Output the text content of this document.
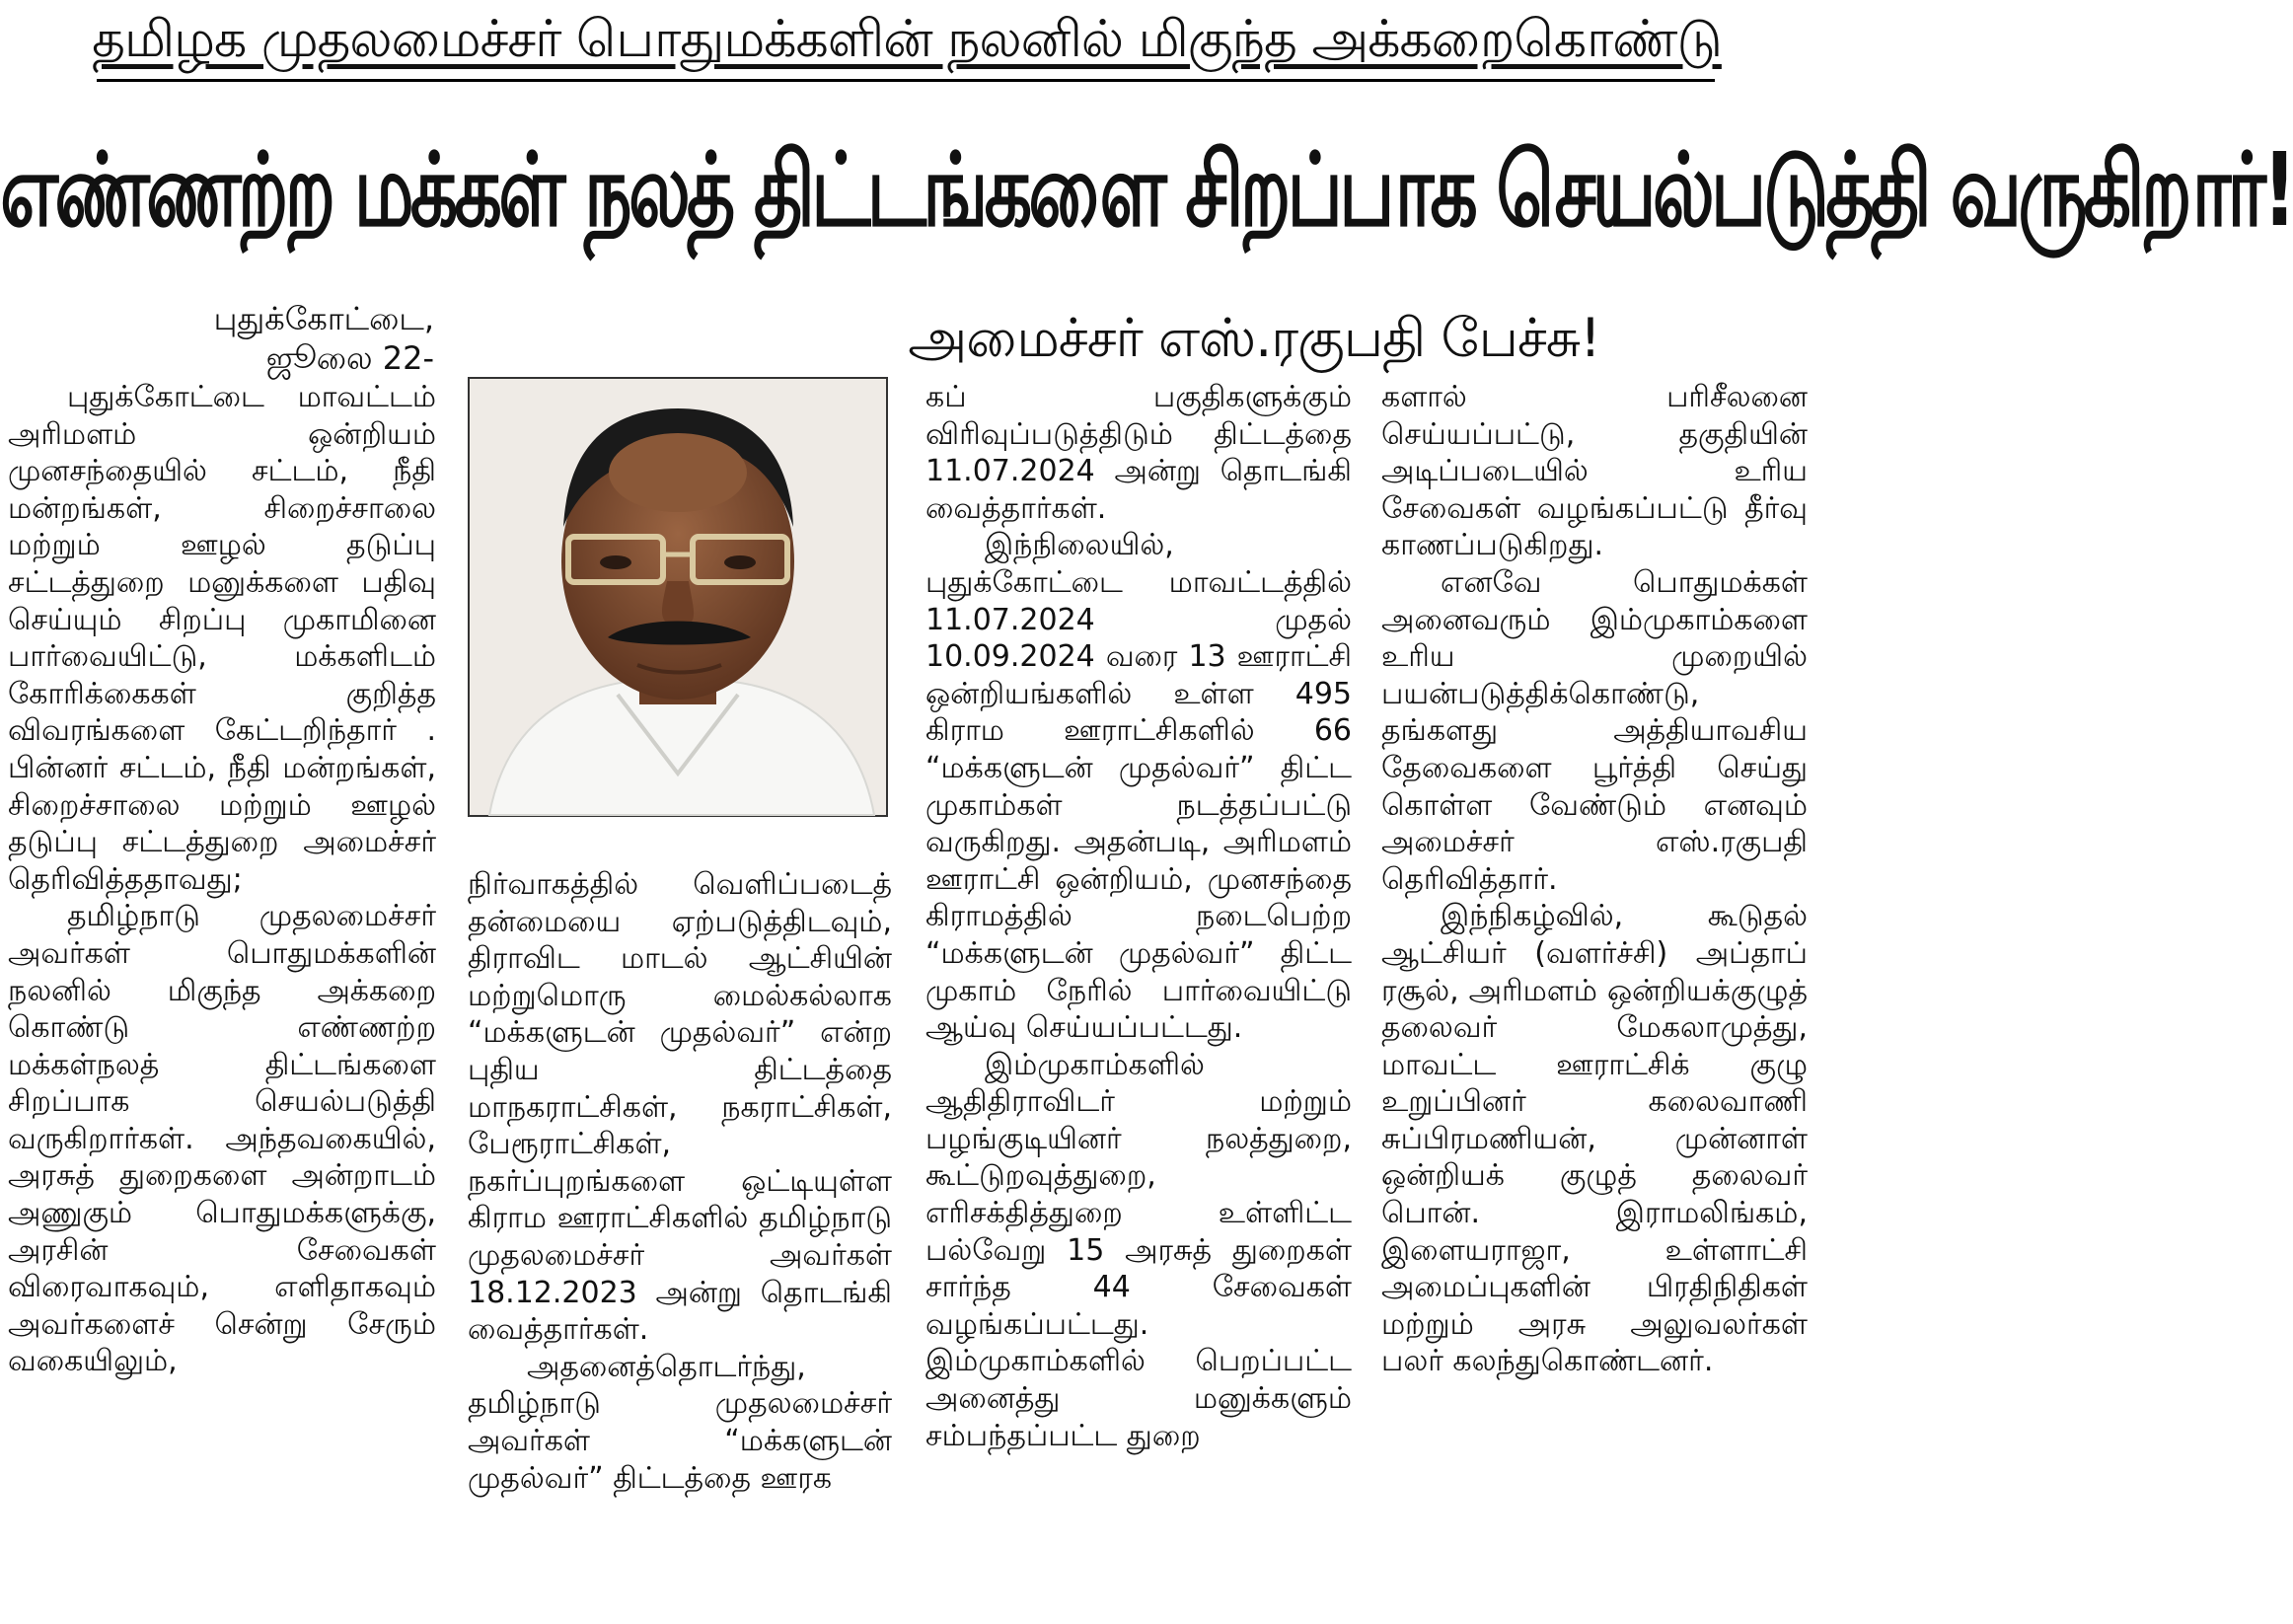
தமிழக முதலமைச்சர் பொதுமக்களின் நலனில் மிகுந்த அக்கறைகொண்டு
எண்ணற்ற மக்கள் நலத் திட்டங்களை சிறப்பாக செயல்படுத்தி வருகிறார்!
அமைச்சர் எஸ்.ரகுபதி பேச்சு!
புதுக்கோட்டை,
ஜூலை 22-

புதுக்கோட்டை மாவட்டம் அரிமளம் ஒன்றியம் முனசந்தையில் சட்டம், நீதி மன்றங்கள், சிறைச்சாலை மற்றும் ஊழல் தடுப்பு சட்டத்துறை மனுக்களை பதிவு செய்யும் சிறப்பு முகாமினை பார்வையிட்டு, மக்களிடம் கோரிக்கைகள் குறித்த விவரங்களை கேட்டறிந்தார் . பின்னர் சட்டம், நீதி மன்றங்கள், சிறைச்சாலை மற்றும் ஊழல் தடுப்பு சட்டத்துறை அமைச்சர் தெரிவித்ததாவது;

தமிழ்நாடு முதலமைச்சர் அவர்கள் பொதுமக்களின் நலனில் மிகுந்த அக்கறை கொண்டு எண்ணற்ற மக்கள்நலத் திட்டங்களை சிறப்பாக செயல்படுத்தி வருகிறார்கள். அந்தவகையில், அரசுத் துறைகளை அன்றாடம் அணுகும் பொதுமக்களுக்கு, அரசின் சேவைகள் விரைவாகவும், எளிதாகவும் அவர்களைச் சென்று சேரும் வகையிலும்,

நிர்வாகத்தில் வெளிப்படைத் தன்மையை ஏற்படுத்திடவும், திராவிட மாடல் ஆட்சியின் மற்றுமொரு மைல்கல்லாக “மக்களுடன் முதல்வர்” என்ற புதிய திட்டத்தை மாநகராட்சிகள், நகராட்சிகள், பேரூராட்சிகள், நகர்ப்புறங்களை ஒட்டியுள்ள கிராம ஊராட்சிகளில் தமிழ்நாடு முதலமைச்சர் அவர்கள் 18.12.2023 அன்று தொடங்கி வைத்தார்கள்.

அதனைத்தொடர்ந்து, தமிழ்நாடு முதலமைச்சர் அவர்கள் “மக்களுடன் முதல்வர்” திட்டத்தை ஊரக

கப் பகுதிகளுக்கும் விரிவுப்படுத்திடும் திட்டத்தை 11.07.2024 அன்று தொடங்கி வைத்தார்கள்.

இந்நிலையில், புதுக்கோட்டை மாவட்டத்தில் 11.07.2024 முதல் 10.09.2024 வரை 13 ஊராட்சி ஒன்றியங்களில் உள்ள 495 கிராம ஊராட்சிகளில் 66 “மக்களுடன் முதல்வர்” திட்ட முகாம்கள் நடத்தப்பட்டு வருகிறது. அதன்படி, அரிமளம் ஊராட்சி ஒன்றியம், முனசந்தை கிராமத்தில் நடைபெற்ற “மக்களுடன் முதல்வர்” திட்ட முகாம் நேரில் பார்வையிட்டு ஆய்வு செய்யப்பட்டது.

இம்முகாம்களில் ஆதிதிராவிடர் மற்றும் பழங்குடியினர் நலத்துறை, கூட்டுறவுத்துறை, எரிசக்தித்துறை உள்ளிட்ட பல்வேறு 15 அரசுத் துறைகள் சார்ந்த 44 சேவைகள் வழங்கப்பட்டது. இம்முகாம்களில் பெறப்பட்ட அனைத்து மனுக்களும் சம்பந்தப்பட்ட துறை

களால் பரிசீலனை செய்யப்பட்டு, தகுதியின் அடிப்படையில் உரிய சேவைகள் வழங்கப்பட்டு தீர்வு காணப்படுகிறது.

எனவே பொதுமக்கள் அனைவரும் இம்முகாம்களை உரிய முறையில் பயன்படுத்திக்கொண்டு, தங்களது அத்தியாவசிய தேவைகளை பூர்த்தி செய்து கொள்ள வேண்டும் எனவும் அமைச்சர் எஸ்.ரகுபதி தெரிவித்தார்.

இந்நிகழ்வில், கூடுதல் ஆட்சியர் (வளர்ச்சி) அப்தாப் ரசூல், அரிமளம் ஒன்றியக்குழுத் தலைவர் மேகலாமுத்து, மாவட்ட ஊராட்சிக் குழு உறுப்பினர் கலைவாணி சுப்பிரமணியன், முன்னாள் ஒன்றியக் குழுத் தலைவர் பொன். இராமலிங்கம், இளையராஜா, உள்ளாட்சி அமைப்புகளின் பிரதிநிதிகள் மற்றும் அரசு அலுவலர்கள் பலர் கலந்துகொண்டனர்.
